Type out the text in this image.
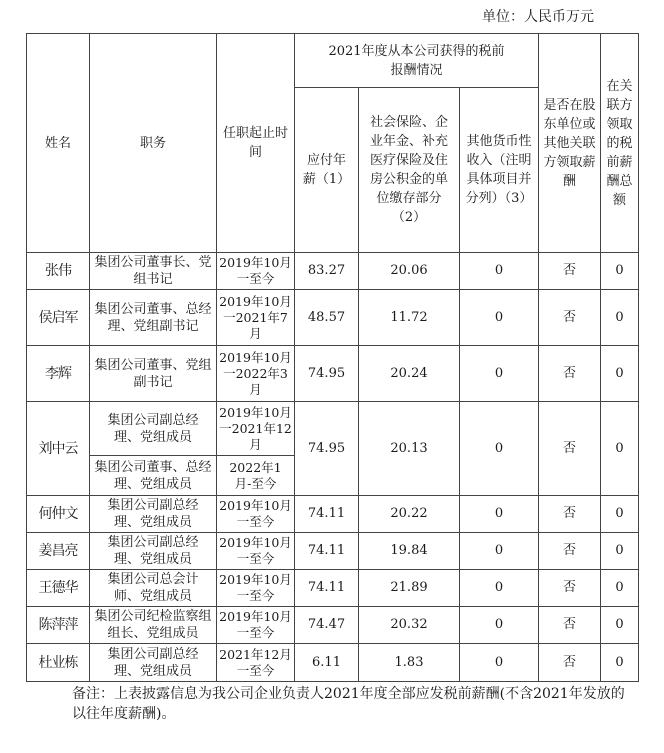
单位：人民币万元
姓名	职务	任职起止时间	2021年度从本公司获得的税前报酬情况			是否在股东单位或其他关联方领取薪酬	在关联方领取的税前薪酬总额
			应付年薪（1）	社会保险、企业年金、补充医疗保险及住房公积金的单位缴存部分（2）	其他货币性收入（注明具体项目并分列）（3）		
张伟	集团公司董事长、党组书记	2019年10月一至今	83.27	20.06	0	否	0
侯启军	集团公司董事、总经理、党组副书记	2019年10月一2021年7月	48.57	11.72	0	否	0
李辉	集团公司董事、党组副书记	2019年10月一2022年3月	74.95	20.24	0	否	0
刘中云	集团公司副总经理、党组成员	2019年10月一2021年12月	74.95	20.13	0	否	0
	集团公司董事、总经理、党组成员	2022年1月-至今					
何仲文	集团公司副总经理、党组成员	2019年10月一至今	74.11	20.22	0	否	0
姜昌亮	集团公司副总经理、党组成员	2019年10月一至今	74.11	19.84	0	否	0
王德华	集团公司总会计师、党组成员	2019年10月一至今	74.11	21.89	0	否	0
陈萍萍	集团公司纪检监察组组长、党组成员	2019年10月一至今	74.47	20.32	0	否	0
杜业栋	集团公司副总经理、党组成员	2021年12月一至今	6.11	1.83	0	否	0
备注：上表披露信息为我公司企业负责人2021年度全部应发税前薪酬(不含2021年发放的以往年度薪酬)。
